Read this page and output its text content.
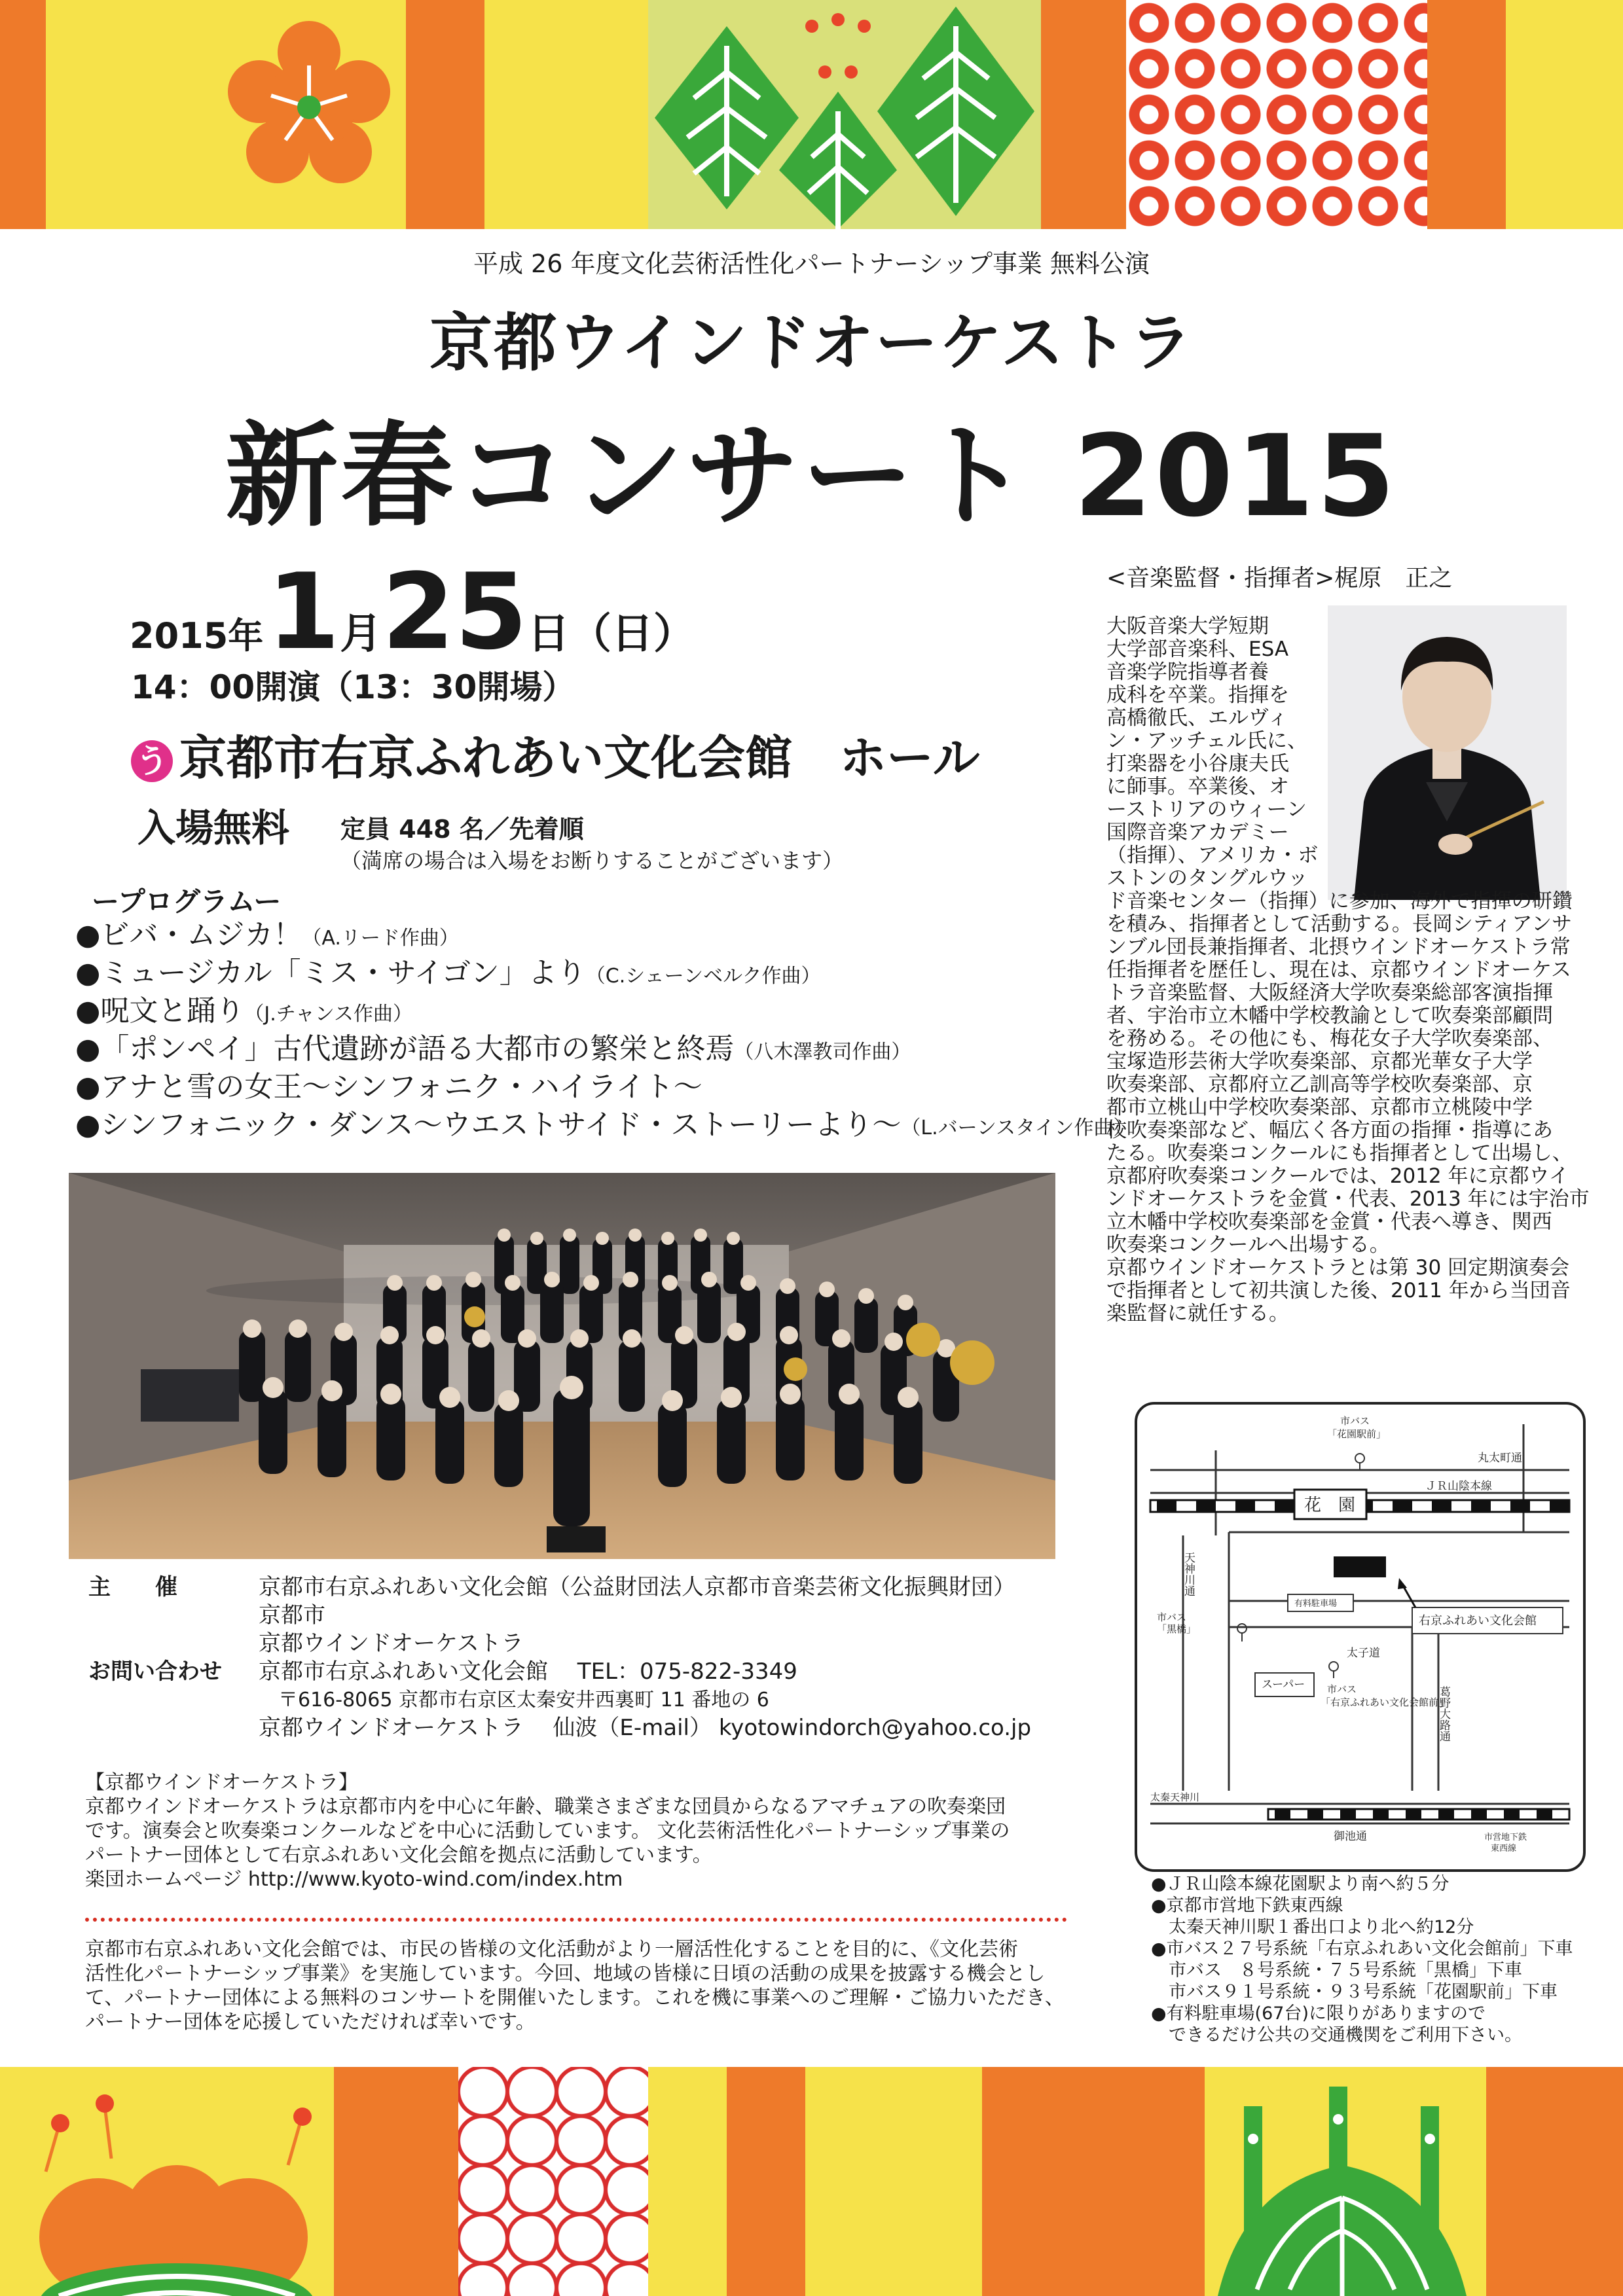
平成 26 年度文化芸術活性化パートナーシップ事業 無料公演
京都ウインドオーケストラ
新春コンサート 2015
2015年 1月25日（日）
14：00開演（13：30開場）
う 京都市右京ふれあい文化会館　ホール
入場無料 定員 448 名／先着順
（満席の場合は入場をお断りすることがございます）
ープログラムー
●ビバ・ムジカ！（A.リード作曲）
●ミュージカル「ミス・サイゴン」より（C.シェーンベルク作曲）
●呪文と踊り（J.チャンス作曲）
●「ポンペイ」古代遺跡が語る大都市の繁栄と終焉（八木澤教司作曲）
●アナと雪の女王～シンフォニク・ハイライト～
●シンフォニック・ダンス～ウエストサイド・ストーリーより～（L.バーンスタイン作曲）
<音楽監督・指揮者>梶原　正之
大阪音楽大学短期
大学部音楽科、ESA
音楽学院指導者養
成科を卒業。指揮を
高橋徹氏、エルヴィ
ン・アッチェル氏に、
打楽器を小谷康夫氏
に師事。卒業後、オ
ーストリアのウィーン
国際音楽アカデミー
（指揮）、アメリカ・ボ
ストンのタングルウッ
ド音楽センター（指揮）に参加、海外で指揮の研鑽
を積み、指揮者として活動する。長岡シティアンサ
ンブル団長兼指揮者、北摂ウインドオーケストラ常
任指揮者を歴任し、現在は、京都ウインドオーケス
トラ音楽監督、大阪経済大学吹奏楽総部客演指揮
者、宇治市立木幡中学校教諭として吹奏楽部顧問
を務める。その他にも、梅花女子大学吹奏楽部、
宝塚造形芸術大学吹奏楽部、京都光華女子大学
吹奏楽部、京都府立乙訓高等学校吹奏楽部、京
都市立桃山中学校吹奏楽部、京都市立桃陵中学
校吹奏楽部など、幅広く各方面の指揮・指導にあ
たる。吹奏楽コンクールにも指揮者として出場し、
京都府吹奏楽コンクールでは、2012 年に京都ウイ
ンドオーケストラを金賞・代表、2013 年には宇治市
立木幡中学校吹奏楽部を金賞・代表へ導き、関西
吹奏楽コンクールへ出場する。
京都ウインドオーケストラとは第 30 回定期演奏会
で指揮者として初共演した後、2011 年から当団音
楽監督に就任する。
市バス
「花園駅前」
丸太町通
花　園
ＪＲ山陰本線
天神川通
市バス
「黒橋」
有料駐車場
右京ふれあい文化会館
太子道
スーパー 市バス
「右京ふれあい文化会館前」
葛野大路通
太秦天神川
御池通	市営地下鉄
東西線
●ＪＲ山陰本線花園駅より南へ約５分
●京都市営地下鉄東西線
　太秦天神川駅１番出口より北へ約12分
●市バス２７号系統「右京ふれあい文化会館前」下車
　市バス　８号系統・７５号系統「黒橋」下車
　市バス９１号系統・９３号系統「花園駅前」下車
●有料駐車場(67台)に限りがありますので
　できるだけ公共の交通機関をご利用下さい。
主　　催	京都市右京ふれあい文化会館（公益財団法人京都市音楽芸術文化振興財団）
京都市
京都ウインドオーケストラ
お問い合わせ	京都市右京ふれあい文化会館　 TEL：075-822-3349
　〒616-8065 京都市右京区太秦安井西裏町 11 番地の 6
京都ウインドオーケストラ　 仙波（E-mail） kyotowindorch@yahoo.co.jp
【京都ウインドオーケストラ】
京都ウインドオーケストラは京都市内を中心に年齢、職業さまざまな団員からなるアマチュアの吹奏楽団
です。演奏会と吹奏楽コンクールなどを中心に活動しています。 文化芸術活性化パートナーシップ事業の
パートナー団体として右京ふれあい文化会館を拠点に活動しています。
楽団ホームページ http://www.kyoto-wind.com/index.htm
京都市右京ふれあい文化会館では、市民の皆様の文化活動がより一層活性化することを目的に、《文化芸術
活性化パートナーシップ事業》を実施しています。今回、地域の皆様に日頃の活動の成果を披露する機会とし
て、パートナー団体による無料のコンサートを開催いたします。これを機に事業へのご理解・ご協力いただき、
パートナー団体を応援していただければ幸いです。
